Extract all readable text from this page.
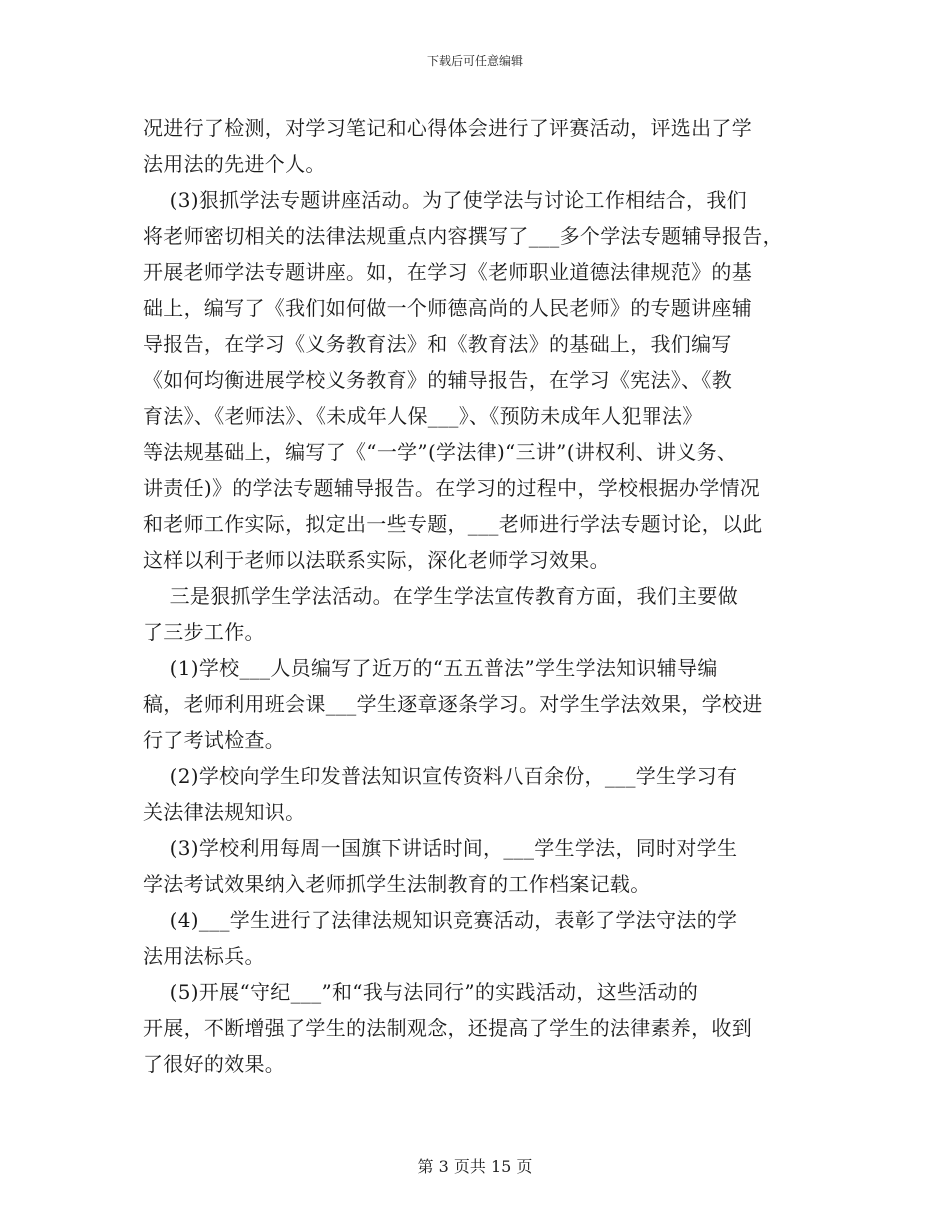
下载后可任意编辑
况进行了检测，对学习笔记和心得体会进行了评赛活动，评选出了学
法用法的先进个人。
(3)狠抓学法专题讲座活动。为了使学法与讨论工作相结合，我们
将老师密切相关的法律法规重点内容撰写了___多个学法专题辅导报告，
开展老师学法专题讲座。如，在学习《老师职业道德法律规范》的基
础上，编写了《我们如何做一个师德高尚的人民老师》的专题讲座辅
导报告，在学习《义务教育法》和《教育法》的基础上，我们编写
《如何均衡进展学校义务教育》的辅导报告，在学习《宪法》、《教
育法》、《老师法》、《未成年人保___》、《预防未成年人犯罪法》
等法规基础上，编写了《“一学”(学法律)“三讲”(讲权利、讲义务、
讲责任)》的学法专题辅导报告。在学习的过程中，学校根据办学情况
和老师工作实际，拟定出一些专题，___老师进行学法专题讨论，以此
这样以利于老师以法联系实际，深化老师学习效果。
三是狠抓学生学法活动。在学生学法宣传教育方面，我们主要做
了三步工作。
(1)学校___人员编写了近万的“五五普法”学生学法知识辅导编
稿，老师利用班会课___学生逐章逐条学习。对学生学法效果，学校进
行了考试检查。
(2)学校向学生印发普法知识宣传资料八百余份，___学生学习有
关法律法规知识。
(3)学校利用每周一国旗下讲话时间，___学生学法，同时对学生
学法考试效果纳入老师抓学生法制教育的工作档案记载。
(4)___学生进行了法律法规知识竞赛活动，表彰了学法守法的学
法用法标兵。
(5)开展“守纪___”和“我与法同行”的实践活动，这些活动的
开展，不断增强了学生的法制观念，还提高了学生的法律素养，收到
了很好的效果。
第 3 页共 15 页
